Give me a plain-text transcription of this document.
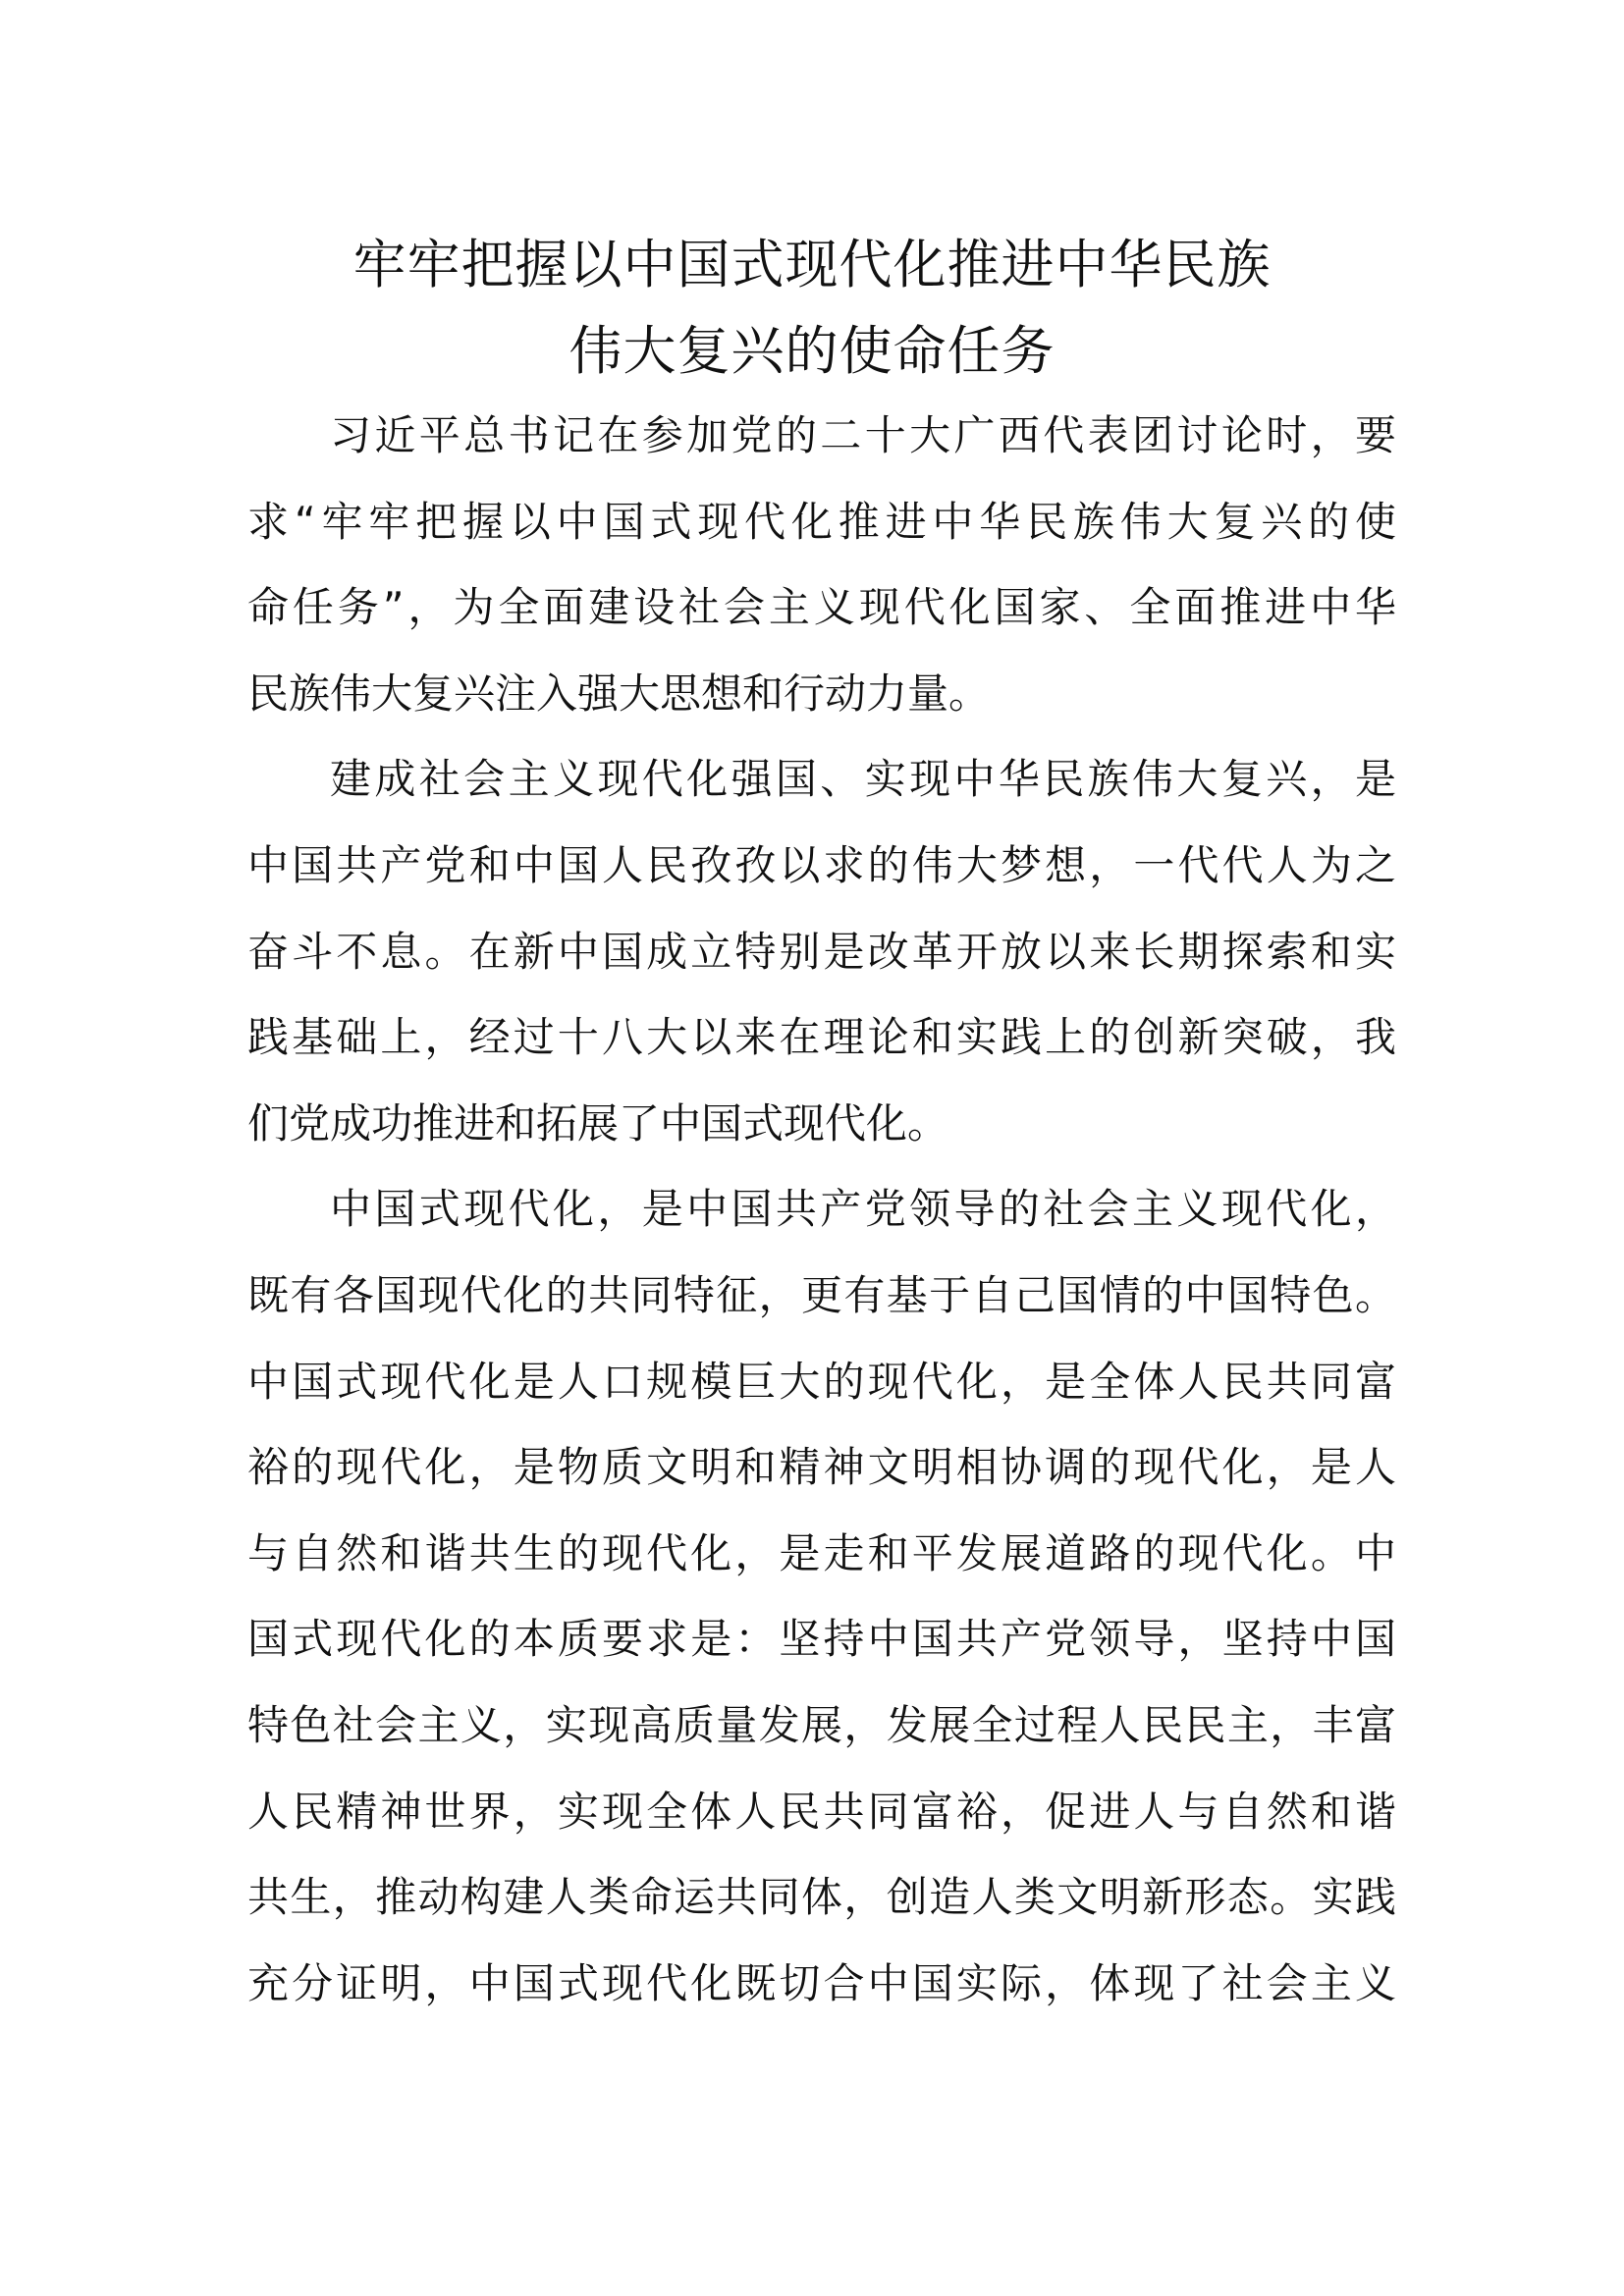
牢牢把握以中国式现代化推进中华民族
伟大复兴的使命任务

习近平总书记在参加党的二十大广西代表团讨论时，要
求“牢牢把握以中国式现代化推进中华民族伟大复兴的使
命任务”，为全面建设社会主义现代化国家、全面推进中华
民族伟大复兴注入强大思想和行动力量。

建成社会主义现代化强国、实现中华民族伟大复兴，是
中国共产党和中国人民孜孜以求的伟大梦想，一代代人为之
奋斗不息。在新中国成立特别是改革开放以来长期探索和实
践基础上，经过十八大以来在理论和实践上的创新突破，我
们党成功推进和拓展了中国式现代化。

中国式现代化，是中国共产党领导的社会主义现代化，
既有各国现代化的共同特征，更有基于自己国情的中国特色。
中国式现代化是人口规模巨大的现代化，是全体人民共同富
裕的现代化，是物质文明和精神文明相协调的现代化，是人
与自然和谐共生的现代化，是走和平发展道路的现代化。中
国式现代化的本质要求是：坚持中国共产党领导，坚持中国
特色社会主义，实现高质量发展，发展全过程人民民主，丰富
人民精神世界，实现全体人民共同富裕，促进人与自然和谐
共生，推动构建人类命运共同体，创造人类文明新形态。实践
充分证明，中国式现代化既切合中国实际，体现了社会主义
